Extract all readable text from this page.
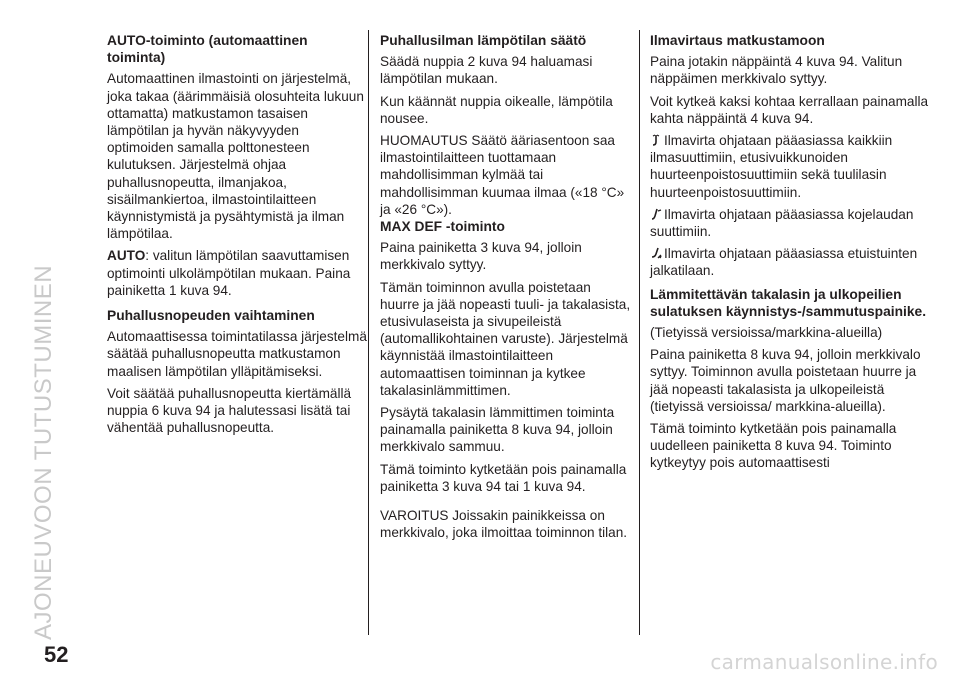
AJONEUVOON TUTUSTUMINEN
AUTO-toiminto (automaattinen toiminta)

Automaattinen ilmastointi on järjestelmä, joka takaa (äärimmäisiä olosuhteita lukuun ottamatta) matkustamon tasaisen lämpötilan ja hyvän näkyvyyden optimoiden samalla polttonesteen kulutuksen. Järjestelmä ohjaa puhallusnopeutta, ilmanjakoa, sisäilmankiertoa, ilmastointilaitteen käynnistymistä ja pysähtymistä ja ilman lämpötilaa.

AUTO: valitun lämpötilan saavuttamisen optimointi ulkolämpötilan mukaan. Paina painiketta 1 kuva 94.

Puhallusnopeuden vaihtaminen

Automaattisessa toimintatilassa järjestelmä säätää puhallusnopeutta matkustamon maalisen lämpötilan ylläpitämiseksi.

Voit säätää puhallusnopeutta kiertämällä nuppia 6 kuva 94 ja halutessasi lisätä tai vähentää puhallusnopeutta.

Puhallusilman lämpötilan säätö

Säädä nuppia 2 kuva 94 haluamasi lämpötilan mukaan.

Kun käännät nuppia oikealle, lämpötila nousee.

HUOMAUTUS Säätö ääriasentoon saa ilmastointilaitteen tuottamaan mahdollisimman kylmää tai mahdollisimman kuumaa ilmaa («18 °C» ja «26 °C»).

MAX DEF -toiminto

Paina painiketta 3 kuva 94, jolloin merkkivalo syttyy.

Tämän toiminnon avulla poistetaan huurre ja jää nopeasti tuuli- ja takalasista, etusivulaseista ja sivupeileistä (automallikohtainen varuste). Järjestelmä käynnistää ilmastointilaitteen automaattisen toiminnan ja kytkee takalasinlämmittimen.

Pysäytä takalasin lämmittimen toiminta painamalla painiketta 8 kuva 94, jolloin merkkivalo sammuu.

Tämä toiminto kytketään pois painamalla painiketta 3 kuva 94 tai 1 kuva 94.

VAROITUS Joissakin painikkeissa on merkkivalo, joka ilmoittaa toiminnon tilan.

Ilmavirtaus matkustamoon

Paina jotakin näppäintä 4 kuva 94. Valitun näppäimen merkkivalo syttyy.

Voit kytkeä kaksi kohtaa kerrallaan painamalla kahta näppäintä 4 kuva 94.

Ilmavirta ohjataan pääasiassa kaikkiin ilmasuuttimiin, etusivuikkunoiden huurteenpoistosuuttimiin sekä tuulilasin huurteenpoistosuuttimiin.

Ilmavirta ohjataan pääasiassa kojelaudan suuttimiin.

Ilmavirta ohjataan pääasiassa etuistuinten jalkatilaan.

Lämmitettävän takalasin ja ulkopeilien sulatuksen käynnistys-/sammutuspainike.

(Tietyissä versioissa/markkina-alueilla)

Paina painiketta 8 kuva 94, jolloin merkkivalo syttyy. Toiminnon avulla poistetaan huurre ja jää nopeasti takalasista ja ulkopeileistä (tietyissä versioissa/ markkina-alueilla).

Tämä toiminto kytketään pois painamalla uudelleen painiketta 8 kuva 94. Toiminto kytkeytyy pois automaattisesti

52	carmanualsonline.info
